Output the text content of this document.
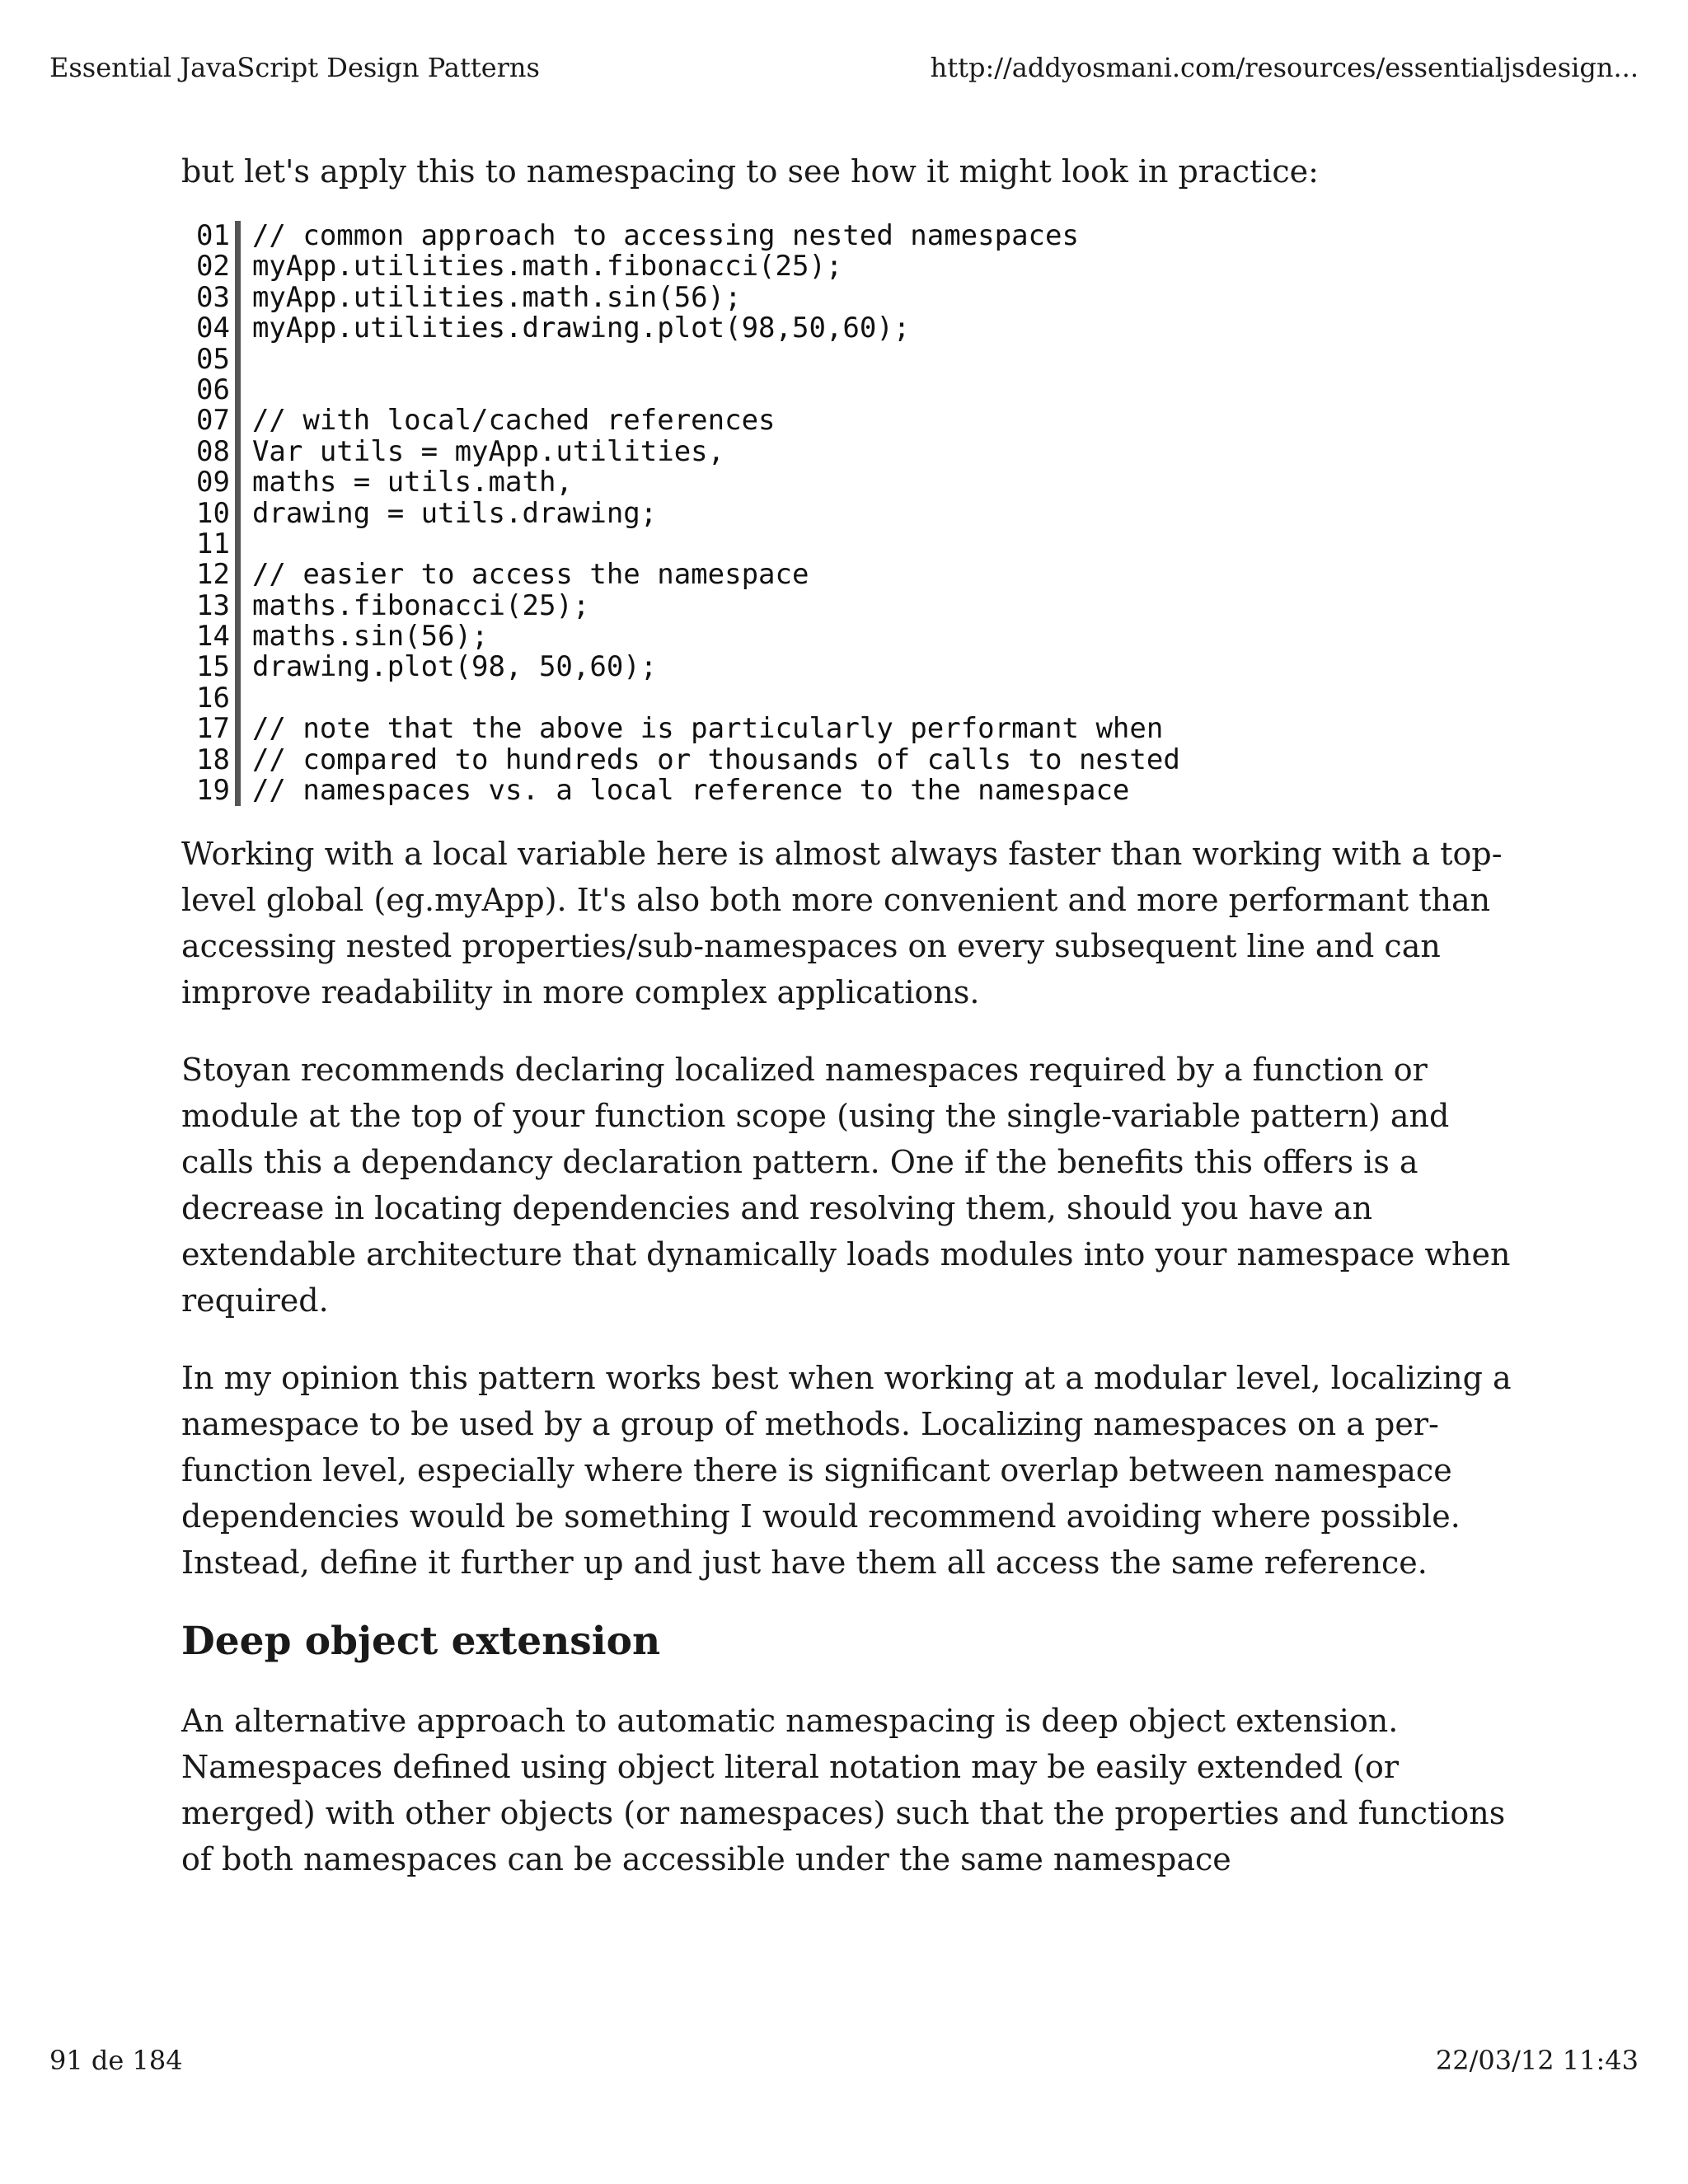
Essential JavaScript Design Patterns	http://addyosmani.com/resources/essentialjsdesign...

but let's apply this to namespacing to see how it might look in practice:

01
02
03
04
05
06
07
08
09
10
11
12
13
14
15
16
17
18
19
// common approach to accessing nested namespaces
myApp.utilities.math.fibonacci(25);
myApp.utilities.math.sin(56);
myApp.utilities.drawing.plot(98,50,60);
// with local/cached references
Var utils = myApp.utilities,
maths = utils.math,
drawing = utils.drawing;
// easier to access the namespace
maths.fibonacci(25);
maths.sin(56);
drawing.plot(98, 50,60);
// note that the above is particularly performant when
// compared to hundreds or thousands of calls to nested
// namespaces vs. a local reference to the namespace

Working with a local variable here is almost always faster than working with a top-level global (eg.myApp). It's also both more convenient and more performant than accessing nested properties/sub-namespaces on every subsequent line and can improve readability in more complex applications.

Stoyan recommends declaring localized namespaces required by a function or module at the top of your function scope (using the single-variable pattern) and calls this a dependancy declaration pattern. One if the benefits this offers is a decrease in locating dependencies and resolving them, should you have an extendable architecture that dynamically loads modules into your namespace when required.

In my opinion this pattern works best when working at a modular level, localizing a namespace to be used by a group of methods. Localizing namespaces on a per-function level, especially where there is significant overlap between namespace dependencies would be something I would recommend avoiding where possible. Instead, define it further up and just have them all access the same reference.

Deep object extension

An alternative approach to automatic namespacing is deep object extension. Namespaces defined using object literal notation may be easily extended (or merged) with other objects (or namespaces) such that the properties and functions of both namespaces can be accessible under the same namespace

91 de 184	22/03/12 11:43
